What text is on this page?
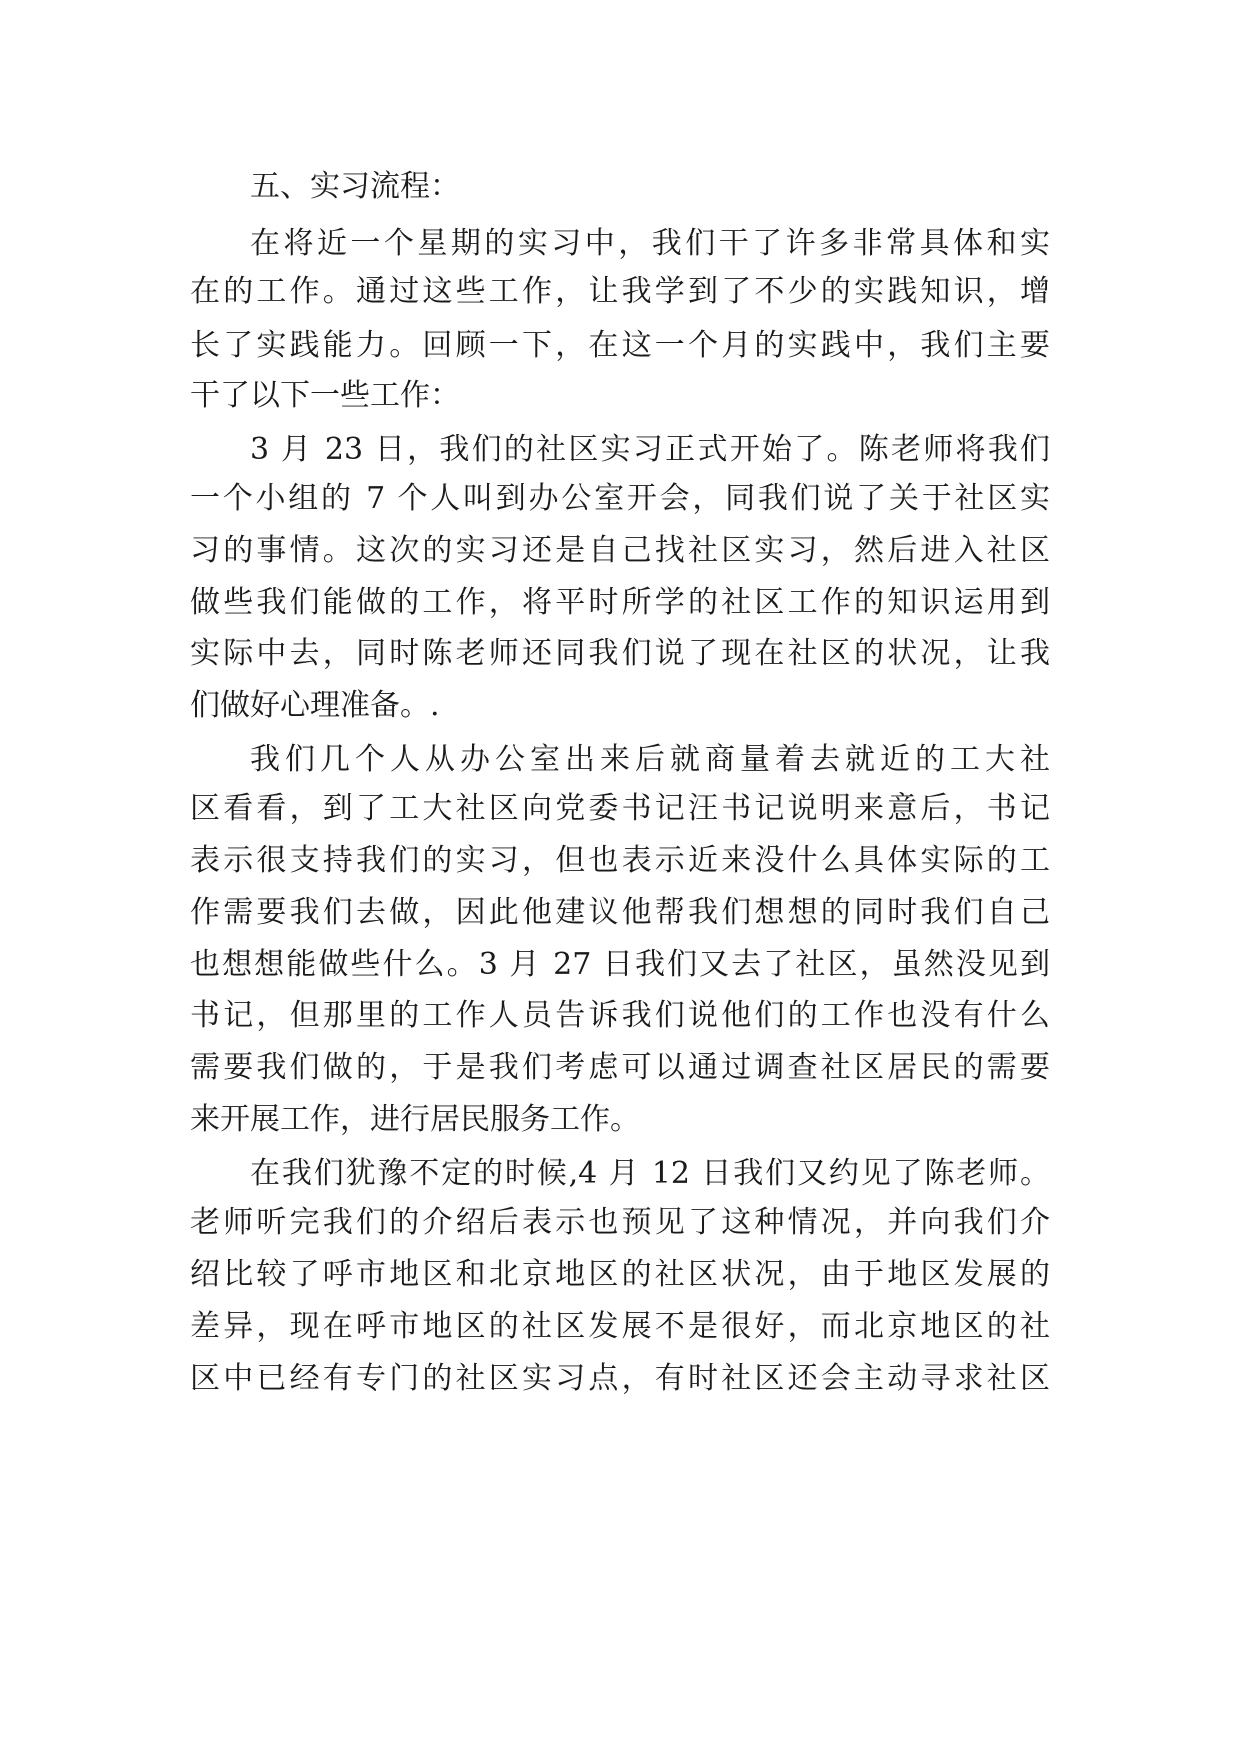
五、实习流程：
在将近一个星期的实习中，我们干了许多非常具体和实
在的工作。通过这些工作，让我学到了不少的实践知识，增
长了实践能力。回顾一下，在这一个月的实践中，我们主要
干了以下一些工作：
3 月 23 日，我们的社区实习正式开始了。陈老师将我们
一个小组的 7 个人叫到办公室开会，同我们说了关于社区实
习的事情。这次的实习还是自己找社区实习，然后进入社区
做些我们能做的工作，将平时所学的社区工作的知识运用到
实际中去，同时陈老师还同我们说了现在社区的状况，让我
们做好心理准备。.
我们几个人从办公室出来后就商量着去就近的工大社
区看看，到了工大社区向党委书记汪书记说明来意后，书记
表示很支持我们的实习，但也表示近来没什么具体实际的工
作需要我们去做，因此他建议他帮我们想想的同时我们自己
也想想能做些什么。3 月 27 日我们又去了社区，虽然没见到
书记，但那里的工作人员告诉我们说他们的工作也没有什么
需要我们做的，于是我们考虑可以通过调查社区居民的需要
来开展工作，进行居民服务工作。
在我们犹豫不定的时候,4 月 12 日我们又约见了陈老师。
老师听完我们的介绍后表示也预见了这种情况，并向我们介
绍比较了呼市地区和北京地区的社区状况，由于地区发展的
差异，现在呼市地区的社区发展不是很好，而北京地区的社
区中已经有专门的社区实习点，有时社区还会主动寻求社区
